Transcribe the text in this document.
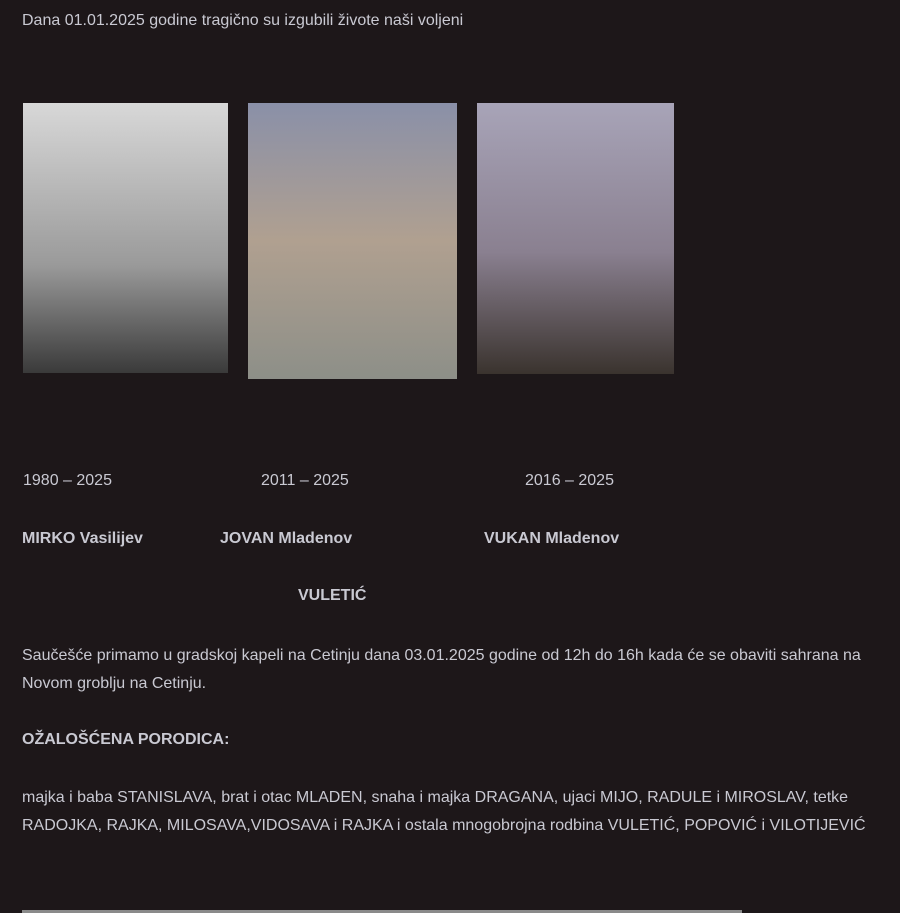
Dana 01.01.2025 godine tragično su izgubili živote naši voljeni
1980 – 2025	2011 – 2025	2016 – 2025
MIRKO Vasilijev	JOVAN Mladenov	VUKAN Mladenov
VULETIĆ
Saučešće primamo u gradskoj kapeli na Cetinju dana 03.01.2025 godine od 12h do 16h kada će se obaviti sahrana na Novom groblju na Cetinju.
OŽALOŠĆENA PORODICA:
majka i baba STANISLAVA, brat i otac MLADEN, snaha i majka DRAGANA, ujaci MIJO, RADULE i MIROSLAV, tetke RADOJKA, RAJKA, MILOSAVA,VIDOSAVA i RAJKA i ostala mnogobrojna rodbina VULETIĆ, POPOVIĆ i VILOTIJEVIĆ
